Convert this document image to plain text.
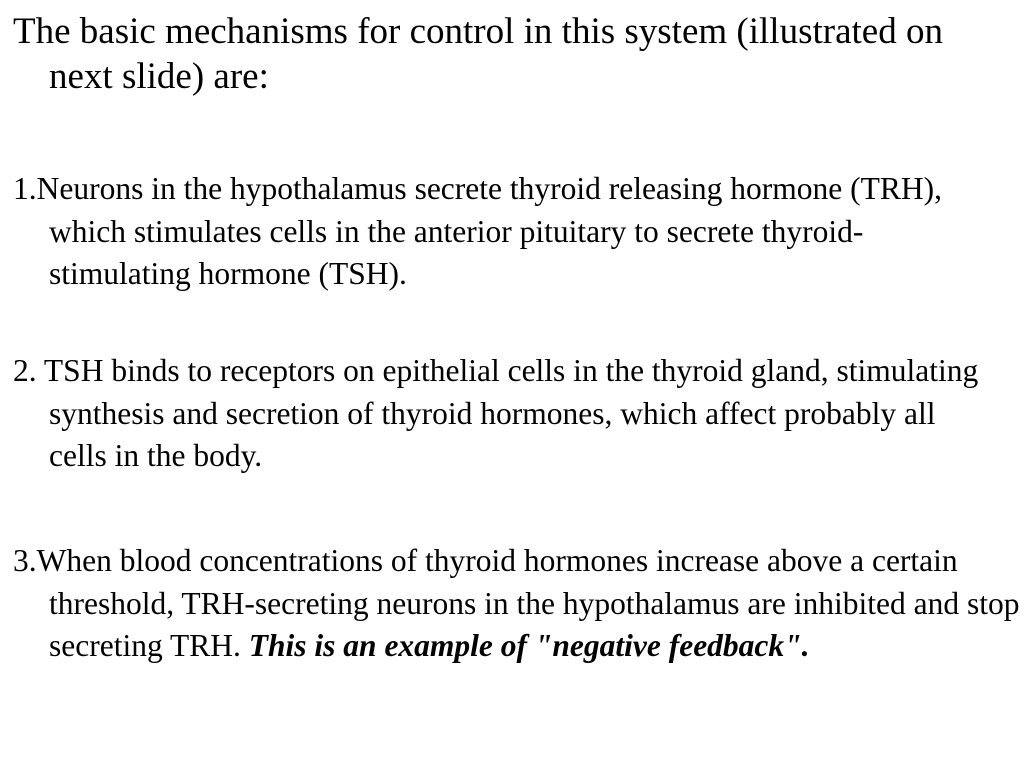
The basic mechanisms for control in this system (illustrated on next slide) are:

1.Neurons in the hypothalamus secrete thyroid releasing hormone (TRH), which stimulates cells in the anterior pituitary to secrete thyroid-stimulating hormone (TSH).

2. TSH binds to receptors on epithelial cells in the thyroid gland, stimulating synthesis and secretion of thyroid hormones, which affect probably all cells in the body.

3.When blood concentrations of thyroid hormones increase above a certain threshold, TRH-secreting neurons in the hypothalamus are inhibited and stop secreting TRH. This is an example of "negative feedback".
